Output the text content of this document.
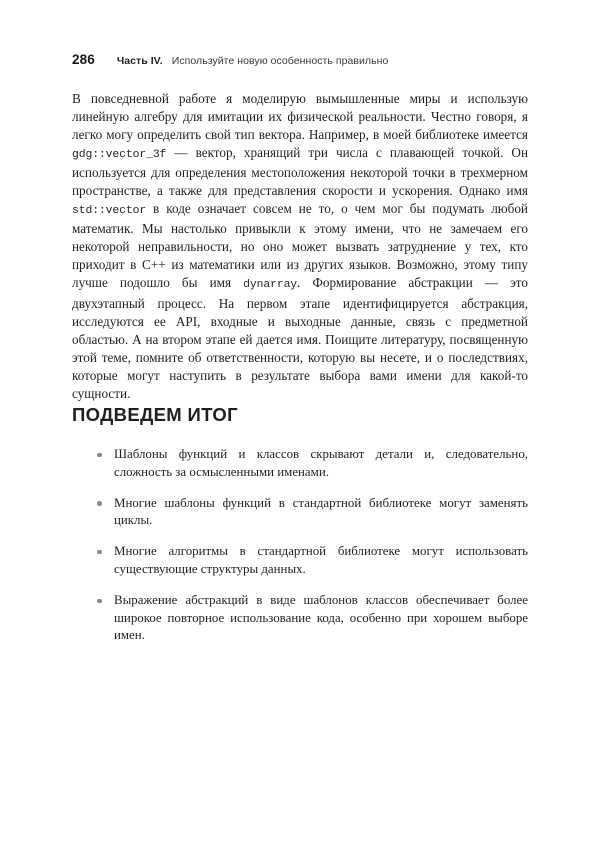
286 Часть IV. Используйте новую особенность правильно

В повседневной работе я моделирую вымышленные миры и использую линейную алгебру для имитации их физической реальности. Честно говоря, я легко могу определить свой тип вектора. Например, в моей библиотеке имеется gdg::vector_3f — вектор, хранящий три числа с плавающей точкой. Он используется для определения местоположения некоторой точки в трехмерном пространстве, а также для представления скорости и ускорения. Однако имя std::vector в коде означает совсем не то, о чем мог бы подумать любой математик. Мы настолько привыкли к этому имени, что не замечаем его некоторой неправильности, но оно может вызвать затруднение у тех, кто приходит в C++ из математики или из других языков. Возможно, этому типу лучше подошло бы имя dynarray. Формирование абстракции — это двухэтапный процесс. На первом этапе идентифицируется абстракция, исследуются ее API, входные и выходные данные, связь с предметной областью. А на втором этапе ей дается имя. Поищите литературу, посвященную этой теме, помните об ответственности, которую вы несете, и о последствиях, которые могут наступить в результате выбора вами имени для какой-то сущности.

ПОДВЕДЕМ ИТОГ
Шаблоны функций и классов скрывают детали и, следовательно, сложность за осмысленными именами.
Многие шаблоны функций в стандартной библиотеке могут заменять циклы.
Многие алгоритмы в стандартной библиотеке могут использовать существующие структуры данных.
Выражение абстракций в виде шаблонов классов обеспечивает более широкое повторное использование кода, особенно при хорошем выборе имен.
